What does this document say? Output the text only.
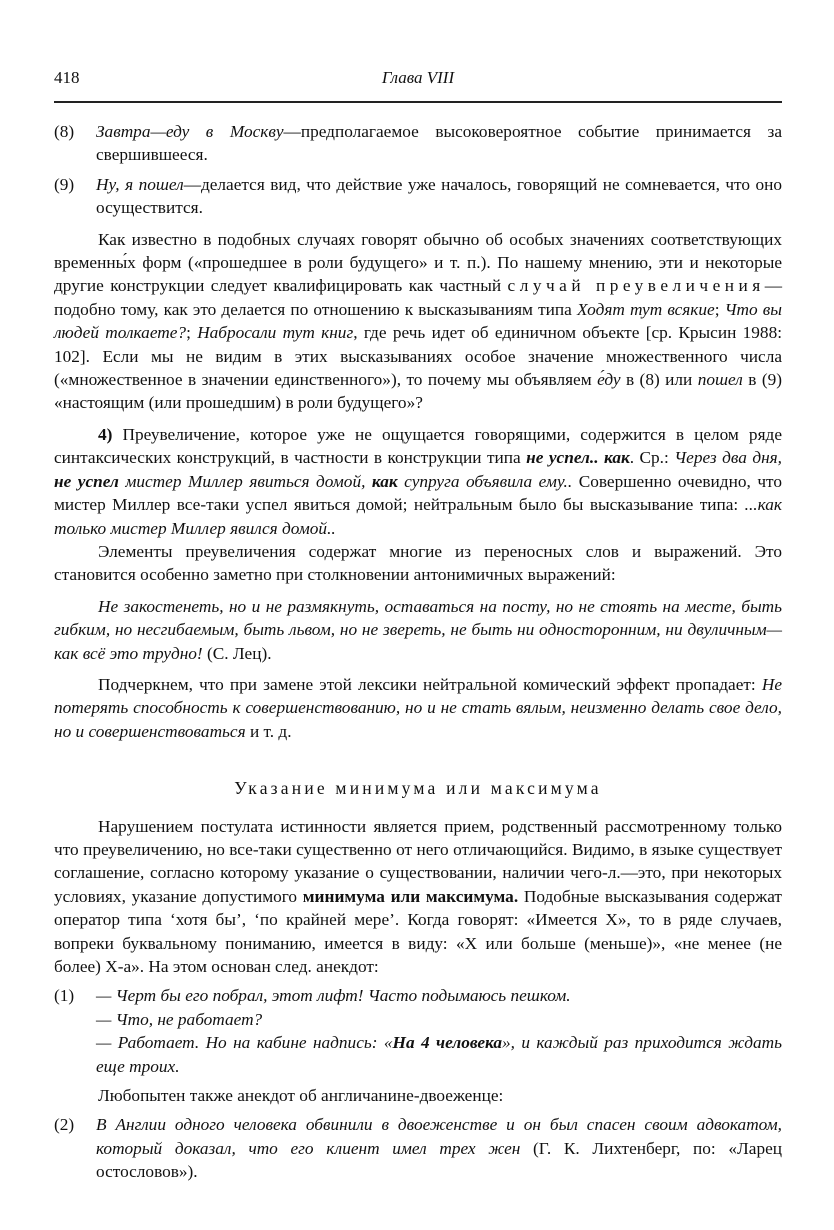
418	Глава VIII
(8)	Завтра—еду в Москву—предполагаемое высоковероятное событие принимается за свершившееся.
(9)	Ну, я пошел—делается вид, что действие уже началось, говорящий не сомневается, что оно осуществится.

Как известно в подобных случаях говорят обычно об особых значениях соответствующих временны́х форм («прошедшее в роли будущего» и т. п.). По нашему мнению, эти и некоторые другие конструкции следует квалифицировать как частный случай преувеличения—подобно тому, как это делается по отношению к высказываниям типа Ходят тут всякие; Что вы людей толкаете?; Набросали тут книг, где речь идет об единичном объекте [ср. Крысин 1988: 102]. Если мы не видим в этих высказываниях особое значение множественного числа («множественное в значении единственного»), то почему мы объявляем е́ду в (8) или пошел в (9) «настоящим (или прошедшим) в роли будущего»?

4) Преувеличение, которое уже не ощущается говорящими, содержится в целом ряде синтаксических конструкций, в частности в конструкции типа не успел.. как. Ср.: Через два дня, не успел мистер Миллер явиться домой, как супруга объявила ему.. Совершенно очевидно, что мистер Миллер все-таки успел явиться домой; нейтральным было бы высказывание типа: ...как только мистер Миллер явился домой..

Элементы преувеличения содержат многие из переносных слов и выражений. Это становится особенно заметно при столкновении антонимичных выражений:

Не закостенеть, но и не размякнуть, оставаться на посту, но не стоять на месте, быть гибким, но несгибаемым, быть львом, но не звереть, не быть ни односторонним, ни двуличным—как всё это трудно! (С. Лец).

Подчеркнем, что при замене этой лексики нейтральной комический эффект пропадает: Не потерять способность к совершенствованию, но и не стать вялым, неизменно делать свое дело, но и совершенствоваться и т. д.

Указание минимума или максимума

Нарушением постулата истинности является прием, родственный рассмотренному только что преувеличению, но все-таки существенно от него отличающийся. Видимо, в языке существует соглашение, согласно которому указание о существовании, наличии чего-л.—это, при некоторых условиях, указание допустимого минимума или максимума. Подобные высказывания содержат оператор типа ‘хотя бы’, ‘по крайней мере’. Когда говорят: «Имеется X», то в ряде случаев, вопреки буквальному пониманию, имеется в виду: «X или больше (меньше)», «не менее (не более) X-а». На этом основан след. анекдот:

(1)	— Черт бы его побрал, этот лифт! Часто подымаюсь пешком.
— Что, не работает?
— Работает. Но на кабине надпись: «На 4 человека», и каждый раз приходится ждать еще троих.

Любопытен также анекдот об англичанине-двоеженце:

(2)	В Англии одного человека обвинили в двоеженстве и он был спасен своим адвокатом, который доказал, что его клиент имел трех жен (Г. К. Лихтенберг, по: «Ларец остословов»).
